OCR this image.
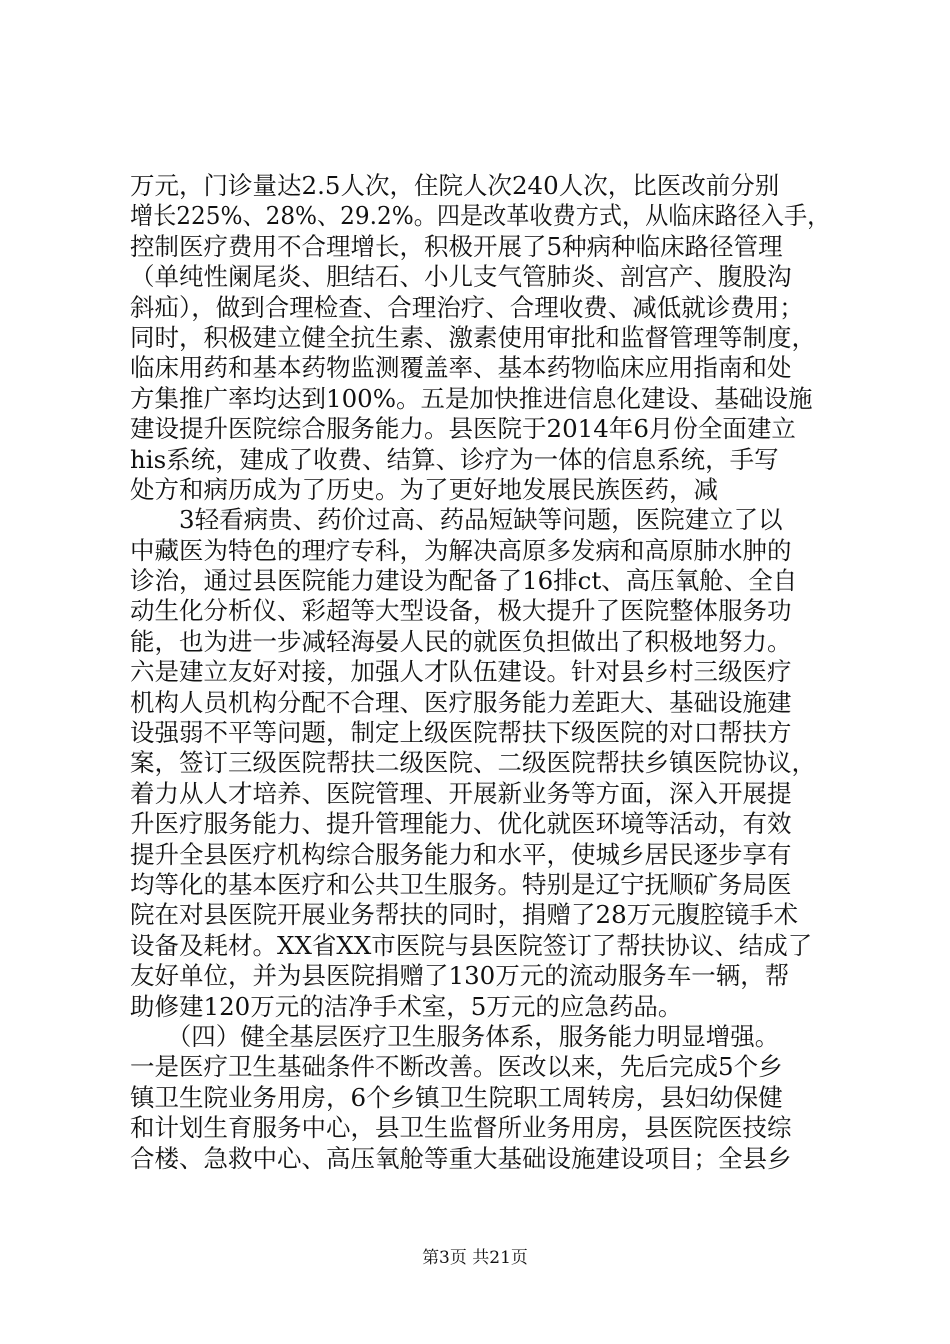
万元，门诊量达2.5人次，住院人次240人次，比医改前分别
增长225%、28%、29.2%。四是改革收费方式，从临床路径入手，
控制医疗费用不合理增长，积极开展了5种病种临床路径管理
（单纯性阑尾炎、胆结石、小儿支气管肺炎、剖宫产、腹股沟
斜疝），做到合理检查、合理治疗、合理收费、减低就诊费用；
同时，积极建立健全抗生素、激素使用审批和监督管理等制度，
临床用药和基本药物监测覆盖率、基本药物临床应用指南和处
方集推广率均达到100%。五是加快推进信息化建设、基础设施
建设提升医院综合服务能力。县医院于2014年6月份全面建立
his系统，建成了收费、结算、诊疗为一体的信息系统，手写
处方和病历成为了历史。为了更好地发展民族医药，减
　　3轻看病贵、药价过高、药品短缺等问题，医院建立了以
中藏医为特色的理疗专科，为解决高原多发病和高原肺水肿的
诊治，通过县医院能力建设为配备了16排ct、高压氧舱、全自
动生化分析仪、彩超等大型设备，极大提升了医院整体服务功
能，也为进一步减轻海晏人民的就医负担做出了积极地努力。
六是建立友好对接，加强人才队伍建设。针对县乡村三级医疗
机构人员机构分配不合理、医疗服务能力差距大、基础设施建
设强弱不平等问题，制定上级医院帮扶下级医院的对口帮扶方
案，签订三级医院帮扶二级医院、二级医院帮扶乡镇医院协议，
着力从人才培养、医院管理、开展新业务等方面，深入开展提
升医疗服务能力、提升管理能力、优化就医环境等活动，有效
提升全县医疗机构综合服务能力和水平，使城乡居民逐步享有
均等化的基本医疗和公共卫生服务。特别是辽宁抚顺矿务局医
院在对县医院开展业务帮扶的同时，捐赠了28万元腹腔镜手术
设备及耗材。XX省XX市医院与县医院签订了帮扶协议、结成了
友好单位，并为县医院捐赠了130万元的流动服务车一辆，帮
助修建120万元的洁净手术室，5万元的应急药品。
　　（四）健全基层医疗卫生服务体系，服务能力明显增强。
一是医疗卫生基础条件不断改善。医改以来，先后完成5个乡
镇卫生院业务用房，6个乡镇卫生院职工周转房，县妇幼保健
和计划生育服务中心，县卫生监督所业务用房，县医院医技综
合楼、急救中心、高压氧舱等重大基础设施建设项目；全县乡
第3页 共21页
